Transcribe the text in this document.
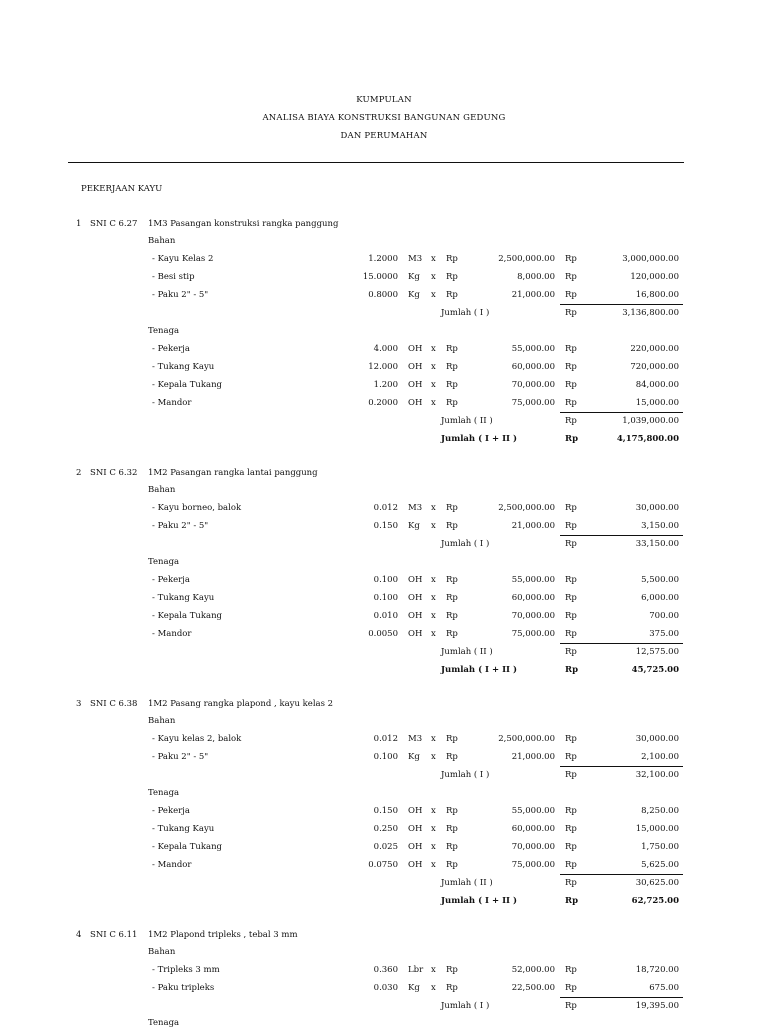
KUMPULAN
ANALISA BIAYA KONSTRUKSI BANGUNAN GEDUNG
DAN PERUMAHAN
PEKERJAAN KAYU
1 SNI C 6.27 1M3 Pasangan konstruksi rangka panggung
Bahan
- Kayu Kelas 2	1.2000 M3 x Rp	2,500,000.00 Rp	3,000,000.00
- Besi stip	15.0000 Kg x Rp	8,000.00 Rp	120,000.00
- Paku 2" - 5"	0.8000 Kg x Rp	21,000.00 Rp	16,800.00
Jumlah ( I )	Rp	3,136,800.00
Tenaga
- Pekerja	4.000 OH x Rp	55,000.00 Rp	220,000.00
- Tukang Kayu	12.000 OH x Rp	60,000.00 Rp	720,000.00
- Kepala Tukang	1.200 OH x Rp	70,000.00 Rp	84,000.00
- Mandor	0.2000 OH x Rp	75,000.00 Rp	15,000.00
Jumlah ( II )	Rp	1,039,000.00
Jumlah ( I + II )	Rp	4,175,800.00
2 SNI C 6.32 1M2 Pasangan rangka lantai panggung
Bahan
- Kayu borneo, balok	0.012 M3 x Rp	2,500,000.00 Rp	30,000.00
- Paku 2" - 5"	0.150 Kg x Rp	21,000.00 Rp	3,150.00
Jumlah ( I )	Rp	33,150.00
Tenaga
- Pekerja	0.100 OH x Rp	55,000.00 Rp	5,500.00
- Tukang Kayu	0.100 OH x Rp	60,000.00 Rp	6,000.00
- Kepala Tukang	0.010 OH x Rp	70,000.00 Rp	700.00
- Mandor	0.0050 OH x Rp	75,000.00 Rp	375.00
Jumlah ( II )	Rp	12,575.00
Jumlah ( I + II )	Rp	45,725.00
3 SNI C 6.38 1M2 Pasang rangka plapond , kayu kelas 2
Bahan
- Kayu kelas 2, balok	0.012 M3 x Rp	2,500,000.00 Rp	30,000.00
- Paku 2" - 5"	0.100 Kg x Rp	21,000.00 Rp	2,100.00
Jumlah ( I )	Rp	32,100.00
Tenaga
- Pekerja	0.150 OH x Rp	55,000.00 Rp	8,250.00
- Tukang Kayu	0.250 OH x Rp	60,000.00 Rp	15,000.00
- Kepala Tukang	0.025 OH x Rp	70,000.00 Rp	1,750.00
- Mandor	0.0750 OH x Rp	75,000.00 Rp	5,625.00
Jumlah ( II )	Rp	30,625.00
Jumlah ( I + II )	Rp	62,725.00
4 SNI C 6.11 1M2 Plapond tripleks , tebal 3 mm
Bahan
- Tripleks 3 mm	0.360 Lbr x Rp	52,000.00 Rp	18,720.00
- Paku tripleks	0.030 Kg x Rp	22,500.00 Rp	675.00
Jumlah ( I )	Rp	19,395.00
Tenaga
